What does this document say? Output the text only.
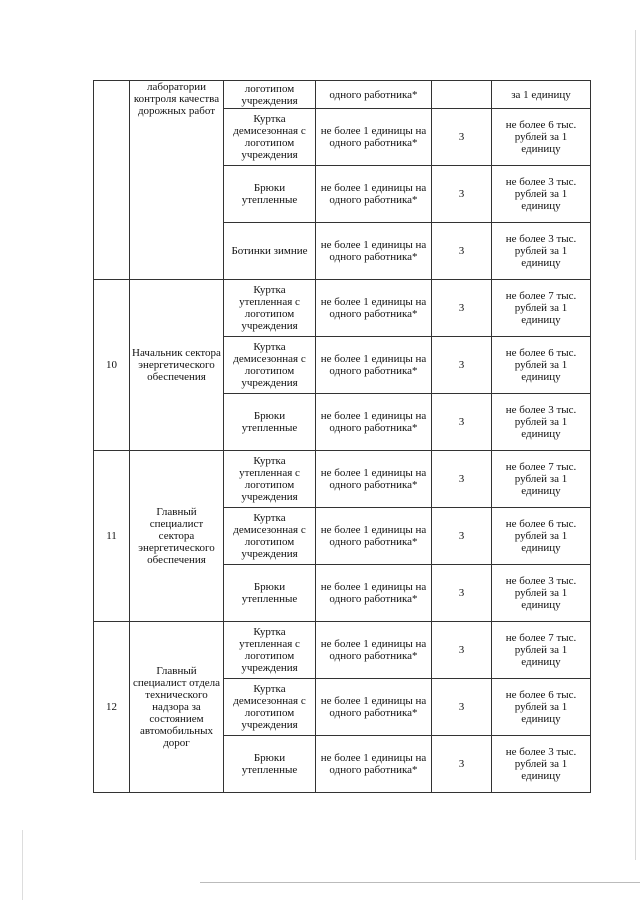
	лаборатории контроля качества дорожных работ	логотипом учреждения	одного работника*		за 1 единицу
		Куртка демисезонная с логотипом учреждения	не более 1 единицы на одного работника*	3	не более 6 тыс. рублей за 1 единицу
		Брюки утепленные	не более 1 единицы на одного работника*	3	не более 3 тыс. рублей за 1 единицу
		Ботинки зимние	не более 1 единицы на одного работника*	3	не более 3 тыс. рублей за 1 единицу
10	Начальник сектора энергетического обеспечения	Куртка утепленная с логотипом учреждения	не более 1 единицы на одного работника*	3	не более 7 тыс. рублей за 1 единицу
		Куртка демисезонная с логотипом учреждения	не более 1 единицы на одного работника*	3	не более 6 тыс. рублей за 1 единицу
		Брюки утепленные	не более 1 единицы на одного работника*	3	не более 3 тыс. рублей за 1 единицу
11	Главный специалист сектора энергетического обеспечения	Куртка утепленная с логотипом учреждения	не более 1 единицы на одного работника*	3	не более 7 тыс. рублей за 1 единицу
		Куртка демисезонная с логотипом учреждения	не более 1 единицы на одного работника*	3	не более 6 тыс. рублей за 1 единицу
		Брюки утепленные	не более 1 единицы на одного работника*	3	не более 3 тыс. рублей за 1 единицу
12	Главный специалист отдела технического надзора за состоянием автомобильных дорог	Куртка утепленная с логотипом учреждения	не более 1 единицы на одного работника*	3	не более 7 тыс. рублей за 1 единицу
		Куртка демисезонная с логотипом учреждения	не более 1 единицы на одного работника*	3	не более 6 тыс. рублей за 1 единицу
		Брюки утепленные	не более 1 единицы на одного работника*	3	не более 3 тыс. рублей за 1 единицу
